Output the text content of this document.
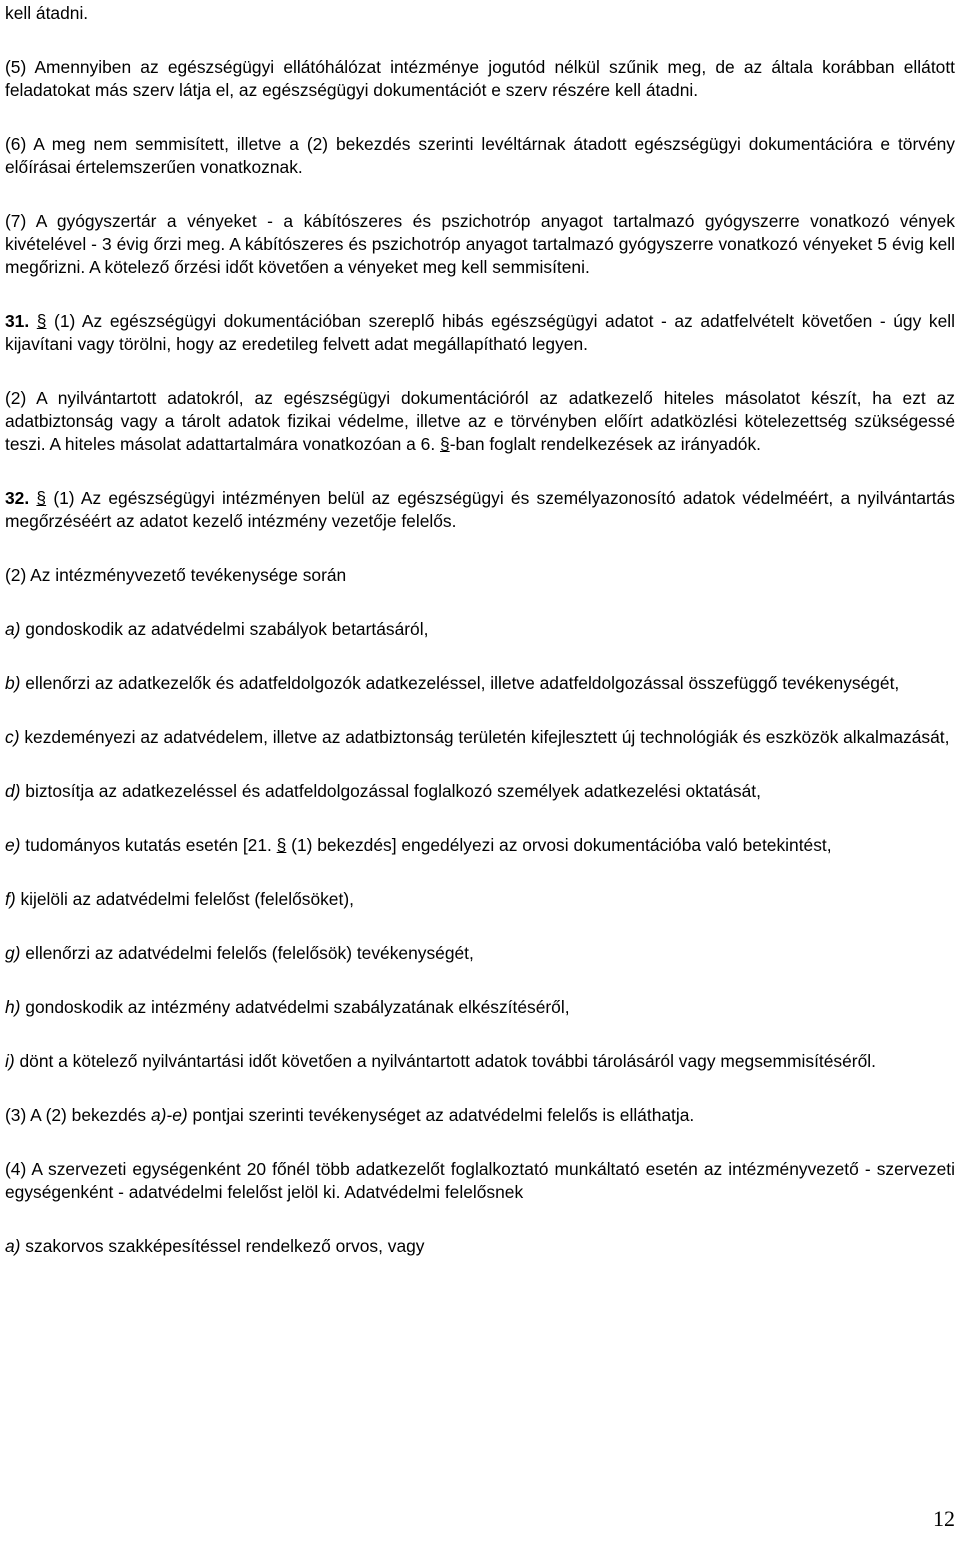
kell átadni.

(5) Amennyiben az egészségügyi ellátóhálózat intézménye jogutód nélkül szűnik meg, de az általa korábban ellátott feladatokat más szerv látja el, az egészségügyi dokumentációt e szerv részére kell átadni.

(6) A meg nem semmisített, illetve a (2) bekezdés szerinti levéltárnak átadott egészségügyi dokumentációra e törvény előírásai értelemszerűen vonatkoznak.

(7) A gyógyszertár a vényeket - a kábítószeres és pszichotróp anyagot tartalmazó gyógyszerre vonatkozó vények kivételével - 3 évig őrzi meg. A kábítószeres és pszichotróp anyagot tartalmazó gyógyszerre vonatkozó vényeket 5 évig kell megőrizni. A kötelező őrzési időt követően a vényeket meg kell semmisíteni.

31. § (1) Az egészségügyi dokumentációban szereplő hibás egészségügyi adatot - az adatfelvételt követően - úgy kell kijavítani vagy törölni, hogy az eredetileg felvett adat megállapítható legyen.

(2) A nyilvántartott adatokról, az egészségügyi dokumentációról az adatkezelő hiteles másolatot készít, ha ezt az adatbiztonság vagy a tárolt adatok fizikai védelme, illetve az e törvényben előírt adatközlési kötelezettség szükségessé teszi. A hiteles másolat adattartalmára vonatkozóan a 6. §-ban foglalt rendelkezések az irányadók.

32. § (1) Az egészségügyi intézményen belül az egészségügyi és személyazonosító adatok védelméért, a nyilvántartás megőrzéséért az adatot kezelő intézmény vezetője felelős.

(2) Az intézményvezető tevékenysége során

a) gondoskodik az adatvédelmi szabályok betartásáról,

b) ellenőrzi az adatkezelők és adatfeldolgozók adatkezeléssel, illetve adatfeldolgozással összefüggő tevékenységét,

c) kezdeményezi az adatvédelem, illetve az adatbiztonság területén kifejlesztett új technológiák és eszközök alkalmazását,

d) biztosítja az adatkezeléssel és adatfeldolgozással foglalkozó személyek adatkezelési oktatását,

e) tudományos kutatás esetén [21. § (1) bekezdés] engedélyezi az orvosi dokumentációba való betekintést,

f) kijelöli az adatvédelmi felelőst (felelősöket),

g) ellenőrzi az adatvédelmi felelős (felelősök) tevékenységét,

h) gondoskodik az intézmény adatvédelmi szabályzatának elkészítéséről,

i) dönt a kötelező nyilvántartási időt követően a nyilvántartott adatok további tárolásáról vagy megsemmisítéséről.

(3) A (2) bekezdés a)-e) pontjai szerinti tevékenységet az adatvédelmi felelős is elláthatja.

(4) A szervezeti egységenként 20 főnél több adatkezelőt foglalkoztató munkáltató esetén az intézményvezető - szervezeti egységenként - adatvédelmi felelőst jelöl ki. Adatvédelmi felelősnek

a) szakorvos szakképesítéssel rendelkező orvos, vagy

12
